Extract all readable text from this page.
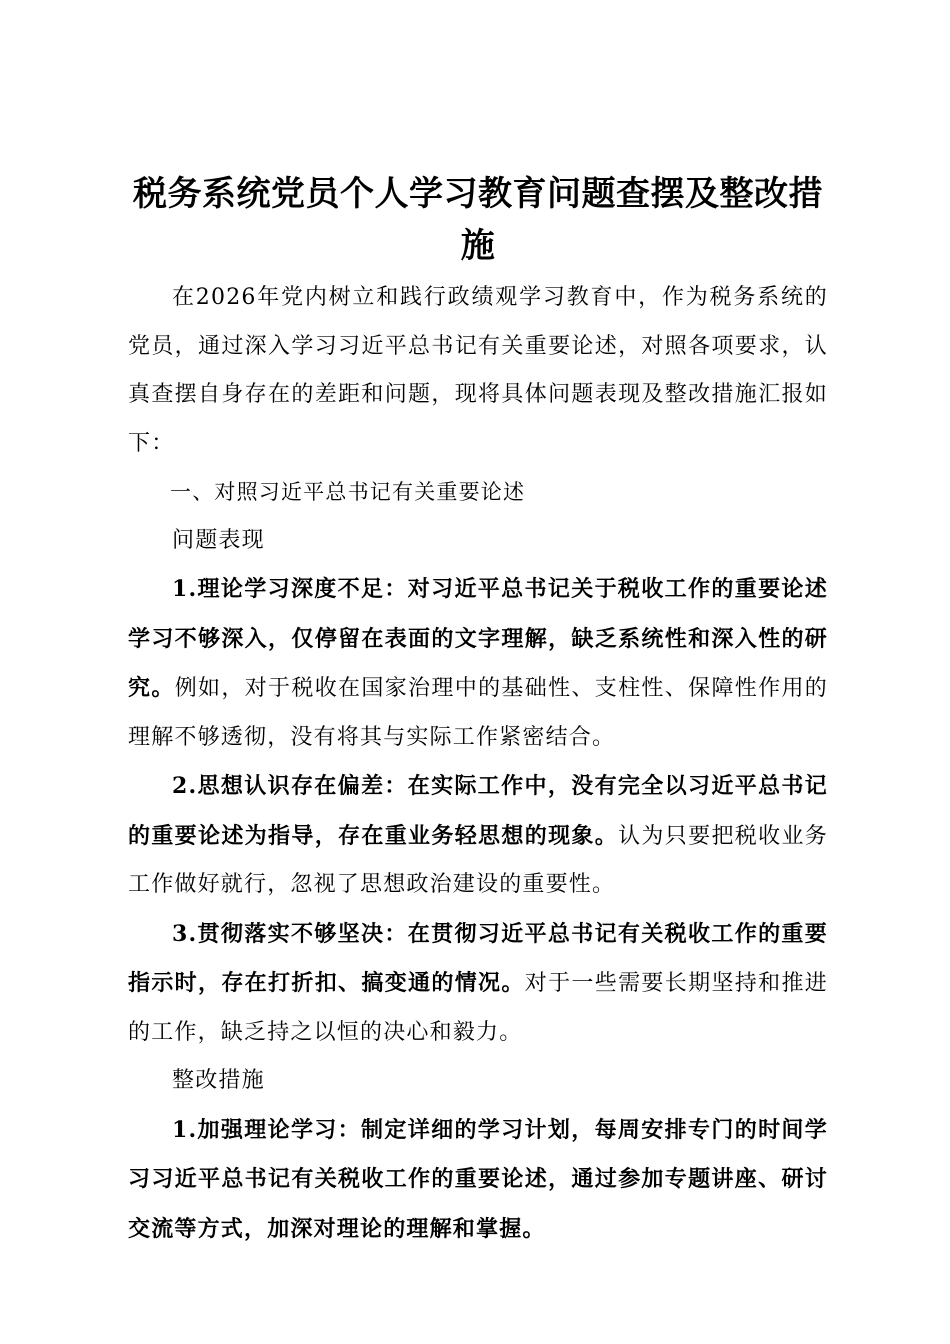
税务系统党员个人学习教育问题查摆及整改措施

在2026年党内树立和践行政绩观学习教育中，作为税务系统的党员，通过深入学习习近平总书记有关重要论述，对照各项要求，认真查摆自身存在的差距和问题，现将具体问题表现及整改措施汇报如下：

一、对照习近平总书记有关重要论述

问题表现

1.理论学习深度不足：对习近平总书记关于税收工作的重要论述学习不够深入，仅停留在表面的文字理解，缺乏系统性和深入性的研究。例如，对于税收在国家治理中的基础性、支柱性、保障性作用的理解不够透彻，没有将其与实际工作紧密结合。

2.思想认识存在偏差：在实际工作中，没有完全以习近平总书记的重要论述为指导，存在重业务轻思想的现象。认为只要把税收业务工作做好就行，忽视了思想政治建设的重要性。

3.贯彻落实不够坚决：在贯彻习近平总书记有关税收工作的重要指示时，存在打折扣、搞变通的情况。对于一些需要长期坚持和推进的工作，缺乏持之以恒的决心和毅力。

整改措施

1.加强理论学习：制定详细的学习计划，每周安排专门的时间学习习近平总书记有关税收工作的重要论述，通过参加专题讲座、研讨交流等方式，加深对理论的理解和掌握。
